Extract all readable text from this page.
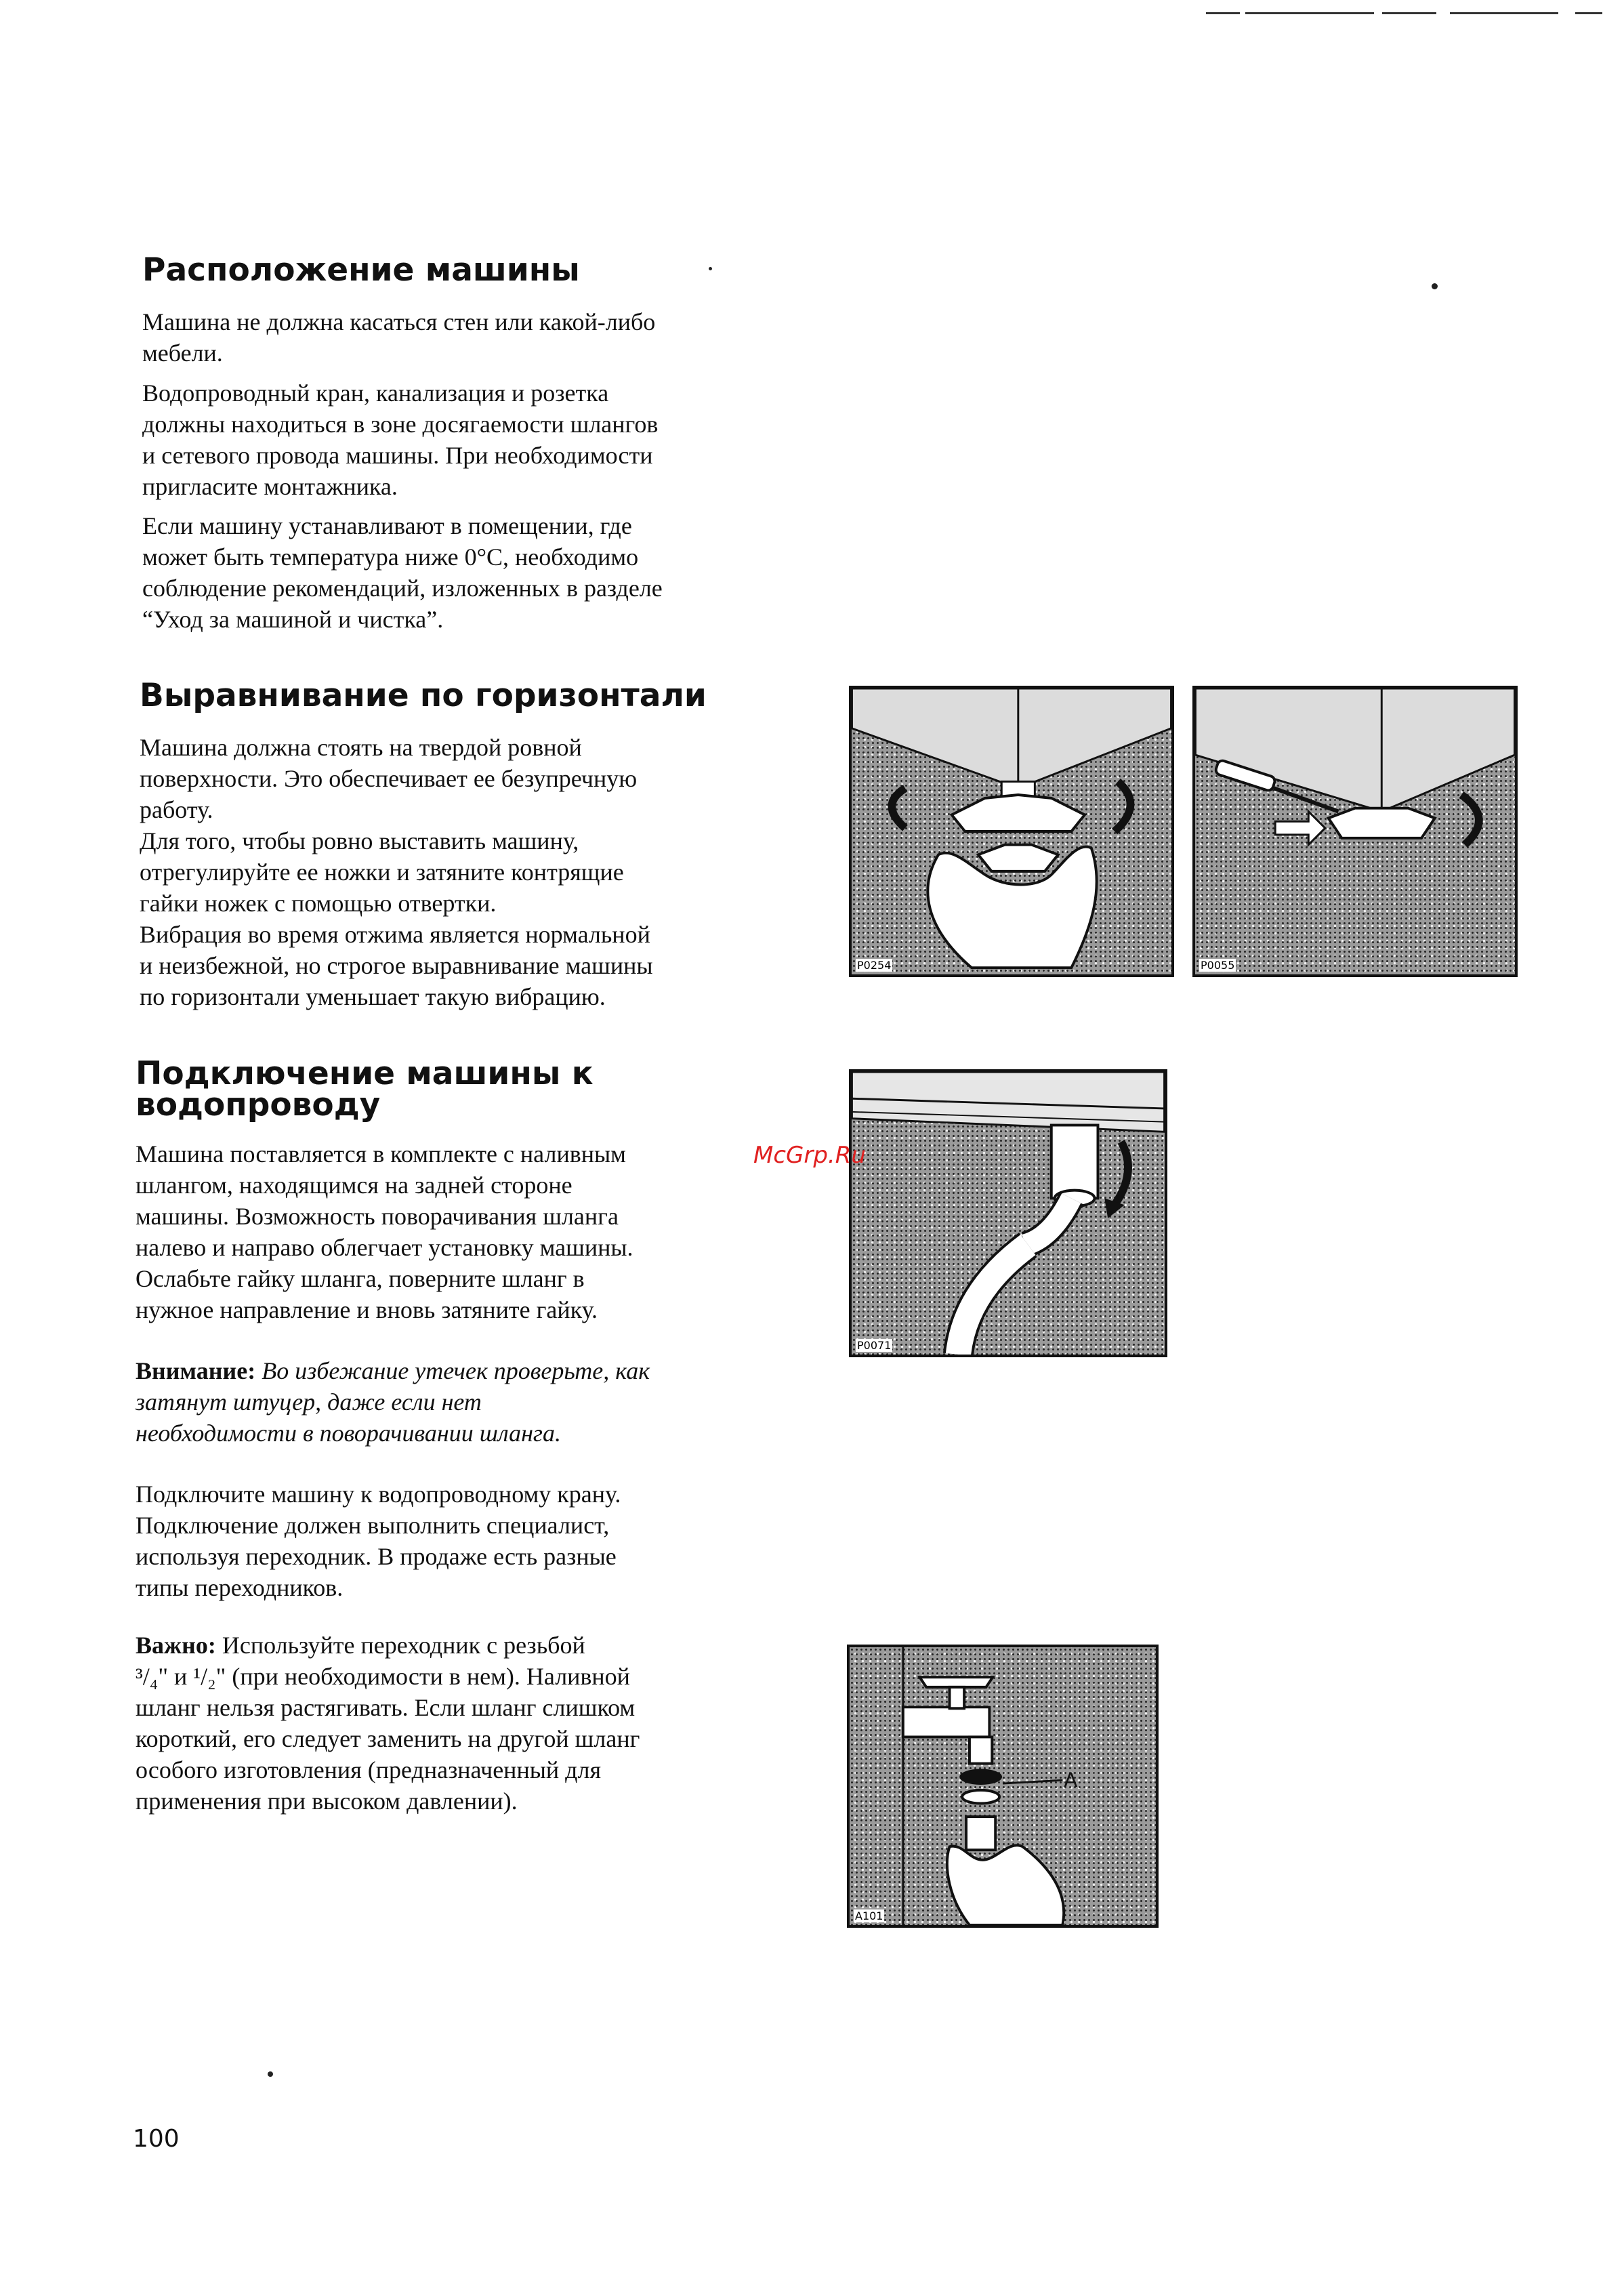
Расположение машины

Машина не должна касаться стен или какой-либо
мебели.

Водопроводный кран, канализация и розетка
должны находиться в зоне досягаемости шлангов
и сетевого провода машины. При необходимости
пригласите монтажника.

Если машину устанавливают в помещении, где
может быть температура ниже 0°C, необходимо
соблюдение рекомендаций, изложенных в разделе
“Уход за машиной и чистка”.

Выравнивание по горизонтали

Машина должна стоять на твердой ровной
поверхности. Это обеспечивает ее безупречную
работу.
Для того, чтобы ровно выставить машину,
отрегулируйте ее ножки и затяните контрящие
гайки ножек с помощью отвертки.
Вибрация во время отжима является нормальной
и неизбежной, но строгое выравнивание машины
по горизонтали уменьшает такую вибрацию.

Подключение машины к
водопроводу

Машина поставляется в комплекте с наливным
шлангом, находящимся на задней стороне
машины. Возможность поворачивания шланга
налево и направо облегчает установку машины.
Ослабьте гайку шланга, поверните шланг в
нужное направление и вновь затяните гайку.

Внимание: Во избежание утечек проверьте, как
затянут штуцер, даже если нет
необходимости в поворачивании шланга.

Подключите машину к водопроводному крану.
Подключение должен выполнить специалист,
используя переходник. В продаже есть разные
типы переходников.

Важно: Используйте переходник с резьбой
³/₄" и ¹/₂" (при необходимости в нем). Наливной
шланг нельзя растягивать. Если шланг слишком
короткий, его следует заменить на другой шланг
особого изготовления (предназначенный для
применения при высоком давлении).

P0254	P0055
P0071
A
A101
McGrp.Ru
100
